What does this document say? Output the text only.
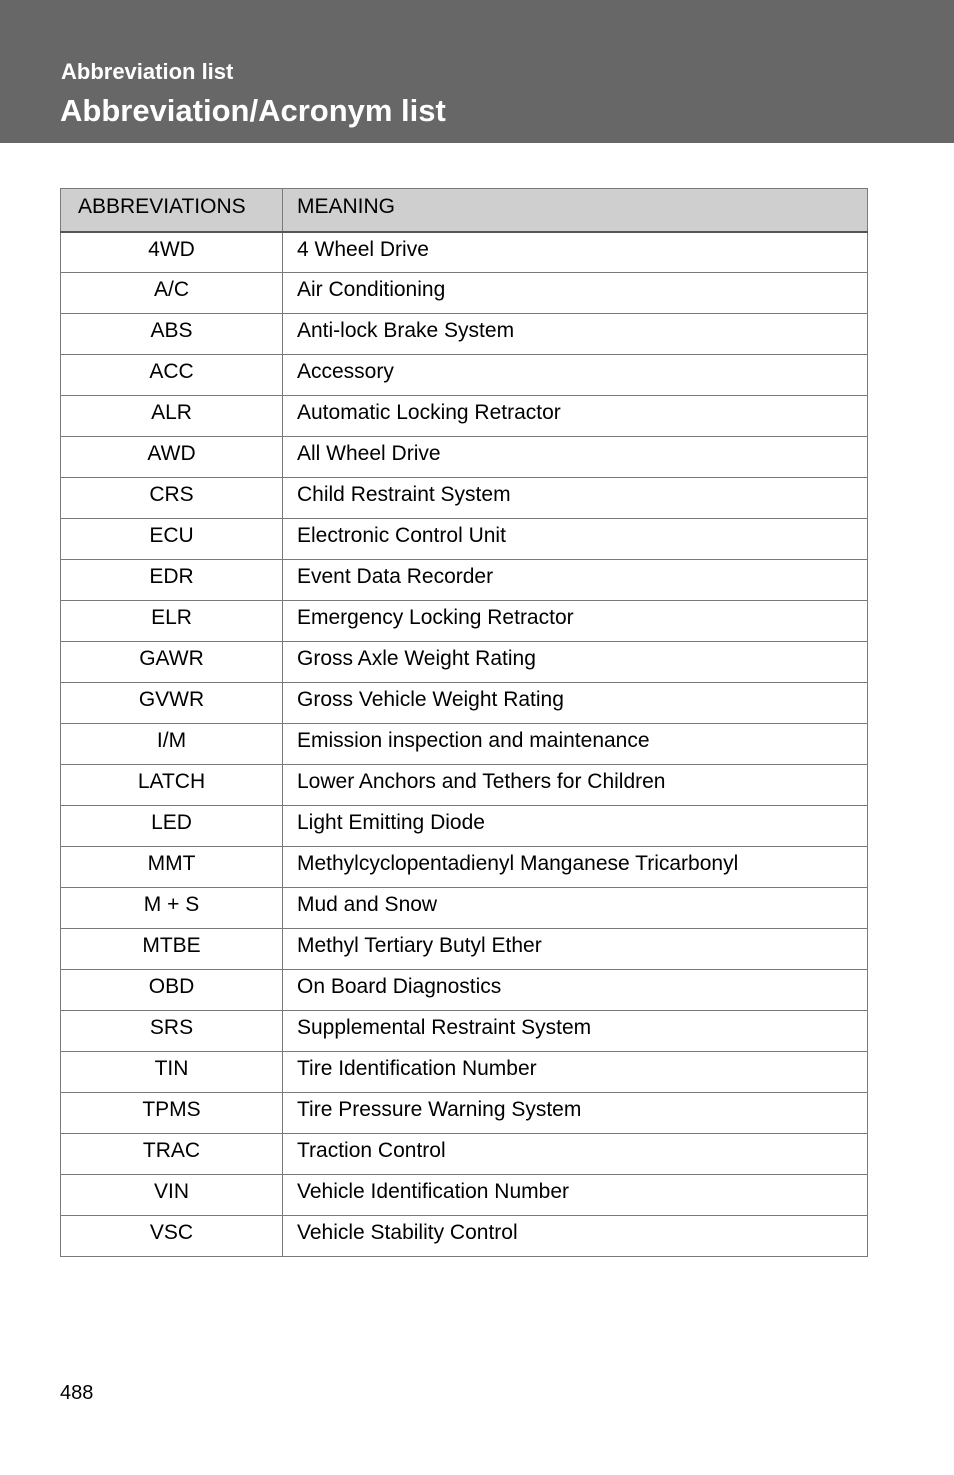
Abbreviation list
Abbreviation/Acronym list
ABBREVIATIONS	MEANING
4WD	4 Wheel Drive
A/C	Air Conditioning
ABS	Anti-lock Brake System
ACC	Accessory
ALR	Automatic Locking Retractor
AWD	All Wheel Drive
CRS	Child Restraint System
ECU	Electronic Control Unit
EDR	Event Data Recorder
ELR	Emergency Locking Retractor
GAWR	Gross Axle Weight Rating
GVWR	Gross Vehicle Weight Rating
I/M	Emission inspection and maintenance
LATCH	Lower Anchors and Tethers for Children
LED	Light Emitting Diode
MMT	Methylcyclopentadienyl Manganese Tricarbonyl
M + S	Mud and Snow
MTBE	Methyl Tertiary Butyl Ether
OBD	On Board Diagnostics
SRS	Supplemental Restraint System
TIN	Tire Identification Number
TPMS	Tire Pressure Warning System
TRAC	Traction Control
VIN	Vehicle Identification Number
VSC	Vehicle Stability Control
488
